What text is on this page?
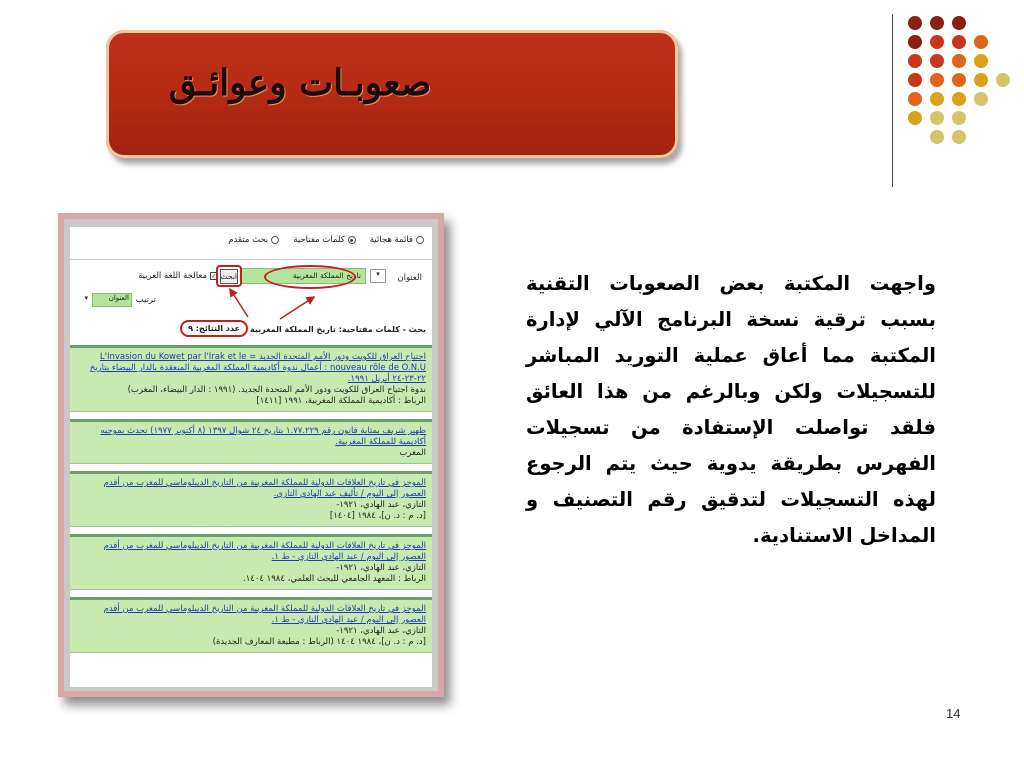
صعوبـات وعوائـق
قائمة هجائية
كلمات مفتاحية
بحث متقدم
العنوان
▾
تاريخ المملكة المغربية
ابحث
✓
معالجة اللغة العربية
ترتيب
العنوان
▾
بحث - كلمات مفتاحية: تاريخ المملكة المغربية
عدد النتائج: ٩
اجتياح العراق للكويت ودور الأمم المتحدة الجديد = L'Invasion du Kowet par l'Irak et le nouveau rôle de O.N.U : أعمال ندوة أكاديمية المملكة المغربية المنعقدة بالدار البيضاء بتاريخ ٢٢-٢٣-٢٤ أبريل ١٩٩١.
ندوة اجتياح العراق للكويت ودور الأمم المتحدة الجديد. (١٩٩١ : الدار البيضاء، المغرب)
الرباط : أكاديمية المملكة المغربية، ١٩٩١ [١٤١١]
ظهير شريف بمثابة قانون رقم ١.٧٧.٢٢٩ بتاريخ ٢٤ شوال ١٣٩٧ (٨ أكتوبر ١٩٧٧) تحدث بموجبه أكاديمية للمملكة المغربية.
المغرب
الموجز في تاريخ العلاقات الدولية للمملكة المغربية من التاريخ الديبلوماسي للمغرب من أقدم العصور إلى اليوم / تأليف عبد الهادي التازي.
التازي، عبد الهادي، ١٩٢١-
[د. م : د. ن]، ١٩٨٤ [١٤٠٤]
الموجز في تاريخ العلاقات الدولية للمملكة المغربية من التاريخ الديبلوماسي للمغرب من أقدم العصور إلى اليوم / عبد الهادي التازي - ط ١.
التازي، عبد الهادي، ١٩٢١-
الرباط : المعهد الجامعي للبحث العلمي، ١٩٨٤ ١٤٠٤.
الموجز في تاريخ العلاقات الدولية للمملكة المغربية من التاريخ الديبلوماسي للمغرب من أقدم العصور إلى اليوم / عبد الهادي التازي - ط ١.
التازي، عبد الهادي، ١٩٢١-
[د. م : د. ن]، ١٩٨٤ ١٤٠٤ (الرباط : مطبعة المعارف الجديدة)
واجهت المكتبة بعض الصعوبات التقنية بسبب ترقية نسخة البرنامج الآلي لإدارة المكتبة مما أعاق عملية التوريد المباشر للتسجيلات ولكن وبالرغم من هذا العائق فلقد تواصلت الإستفادة من تسجيلات الفهرس بطريقة يدوية حيث يتم الرجوع لهذه التسجيلات لتدقيق رقم التصنيف و المداخل الاستنادية.
14
